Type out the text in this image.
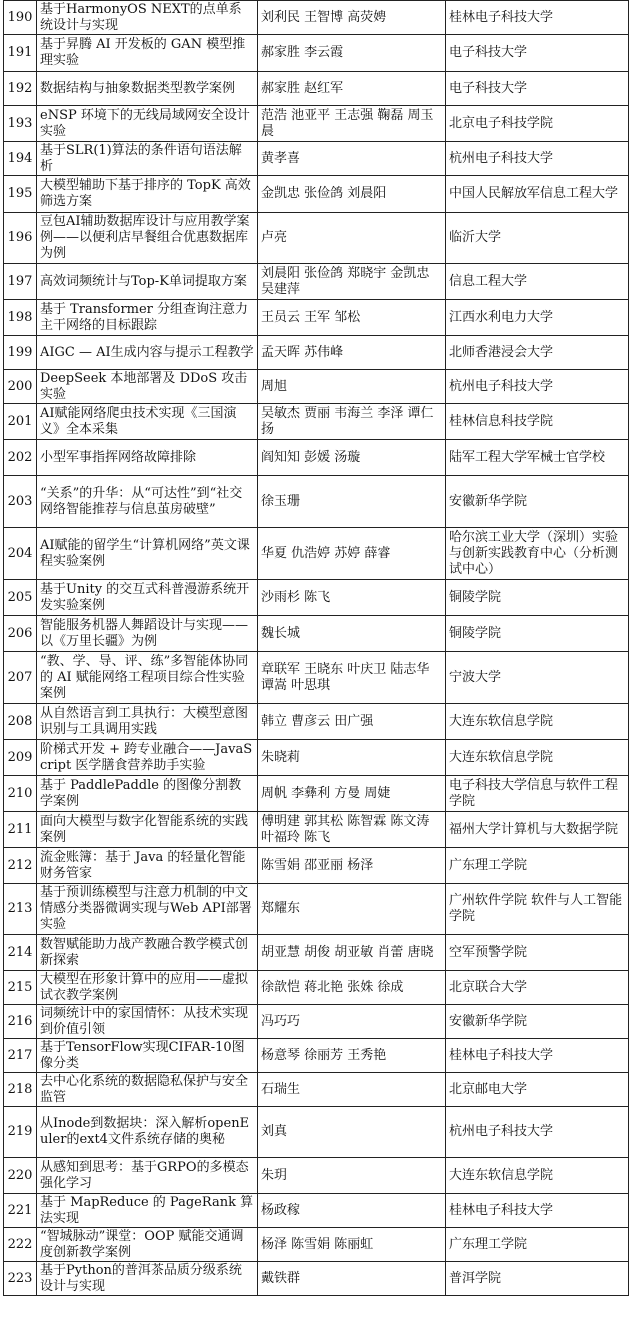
190	基于HarmonyOS NEXT的点单系统设计与实现	刘利民 王智博 高荧娉	桂林电子科技大学
191	基于昇腾 AI 开发板的 GAN 模型推理实验	郝家胜 李云霞	电子科技大学
192	数据结构与抽象数据类型教学案例	郝家胜 赵红军	电子科技大学
193	eNSP 环境下的无线局域网安全设计实验	范浩 池亚平 王志强 鞠磊 周玉晨	北京电子科技学院
194	基于SLR(1)算法的条件语句语法解析	黄孝喜	杭州电子科技大学
195	大模型辅助下基于排序的 TopK 高效 筛选方案	金凯忠 张俭鸽 刘晨阳	中国人民解放军信息工程大学
196	豆包AI辅助数据库设计与应用教学案例——以便利店早餐组合优惠数据库为例	卢亮	临沂大学
197	高效词频统计与Top-K单词提取方案	刘晨阳 张俭鸽 郑晓宇 金凯忠 吴建萍	信息工程大学
198	基于 Transformer 分组查询注意力主干网络的目标跟踪	王员云 王军 邹松	江西水利电力大学
199	AIGC — AI生成内容与提示工程教学	孟天晖 苏伟峰	北师香港浸会大学
200	DeepSeek 本地部署及 DDoS 攻击实验	周旭	杭州电子科技大学
201	AI赋能网络爬虫技术实现《三国演义》全本采集	吴敏杰 贾丽 韦海兰 李泽 谭仁扬	桂林信息科技学院
202	小型军事指挥网络故障排除	阎知知 彭媛 汤璇	陆军工程大学军械士官学校
203	“关系”的升华：从“可达性”到“社交网络智能推荐与信息茧房破壁”	徐玉珊	安徽新华学院
204	AI赋能的留学生“计算机网络”英文课程实验案例	华夏 仇浩婷 苏婷 薛睿	哈尔滨工业大学（深圳）实验与创新实践教育中心（分析测试中心）
205	基于Unity 的交互式科普漫游系统开发实验案例	沙雨杉 陈飞	铜陵学院
206	智能服务机器人舞蹈设计与实现——以《万里长疆》为例	魏长城	铜陵学院
207	“教、学、导、评、练”多智能体协同的 AI 赋能网络工程项目综合性实验案例	章联军 王晓东 叶庆卫 陆志华 谭嵩 叶思琪	宁波大学
208	从自然语言到工具执行：大模型意图识别与工具调用实践	韩立 曹彦云 田广强	大连东软信息学院
209	阶梯式开发 + 跨专业融合——JavaScript 医学膳食营养助手实验	朱晓莉	大连东软信息学院
210	基于 PaddlePaddle 的图像分割教学案例	周帆 李彝利 方曼 周婕	电子科技大学信息与软件工程学院
211	面向大模型与数字化智能系统的实践案例	傅明建 郭其松 陈智霖 陈文涛 叶福玲 陈飞	福州大学计算机与大数据学院
212	流金账簿：基于 Java 的轻量化智能财务管家	陈雪娟 邵亚丽 杨泽	广东理工学院
213	基于预训练模型与注意力机制的中文情感分类器微调实现与Web API部署实验	郑耀东	广州软件学院 软件与人工智能学院
214	数智赋能助力战产教融合教学模式创新探索	胡亚慧 胡俊 胡亚敏 肖蕾 唐晓	空军预警学院
215	大模型在形象计算中的应用——虚拟试衣教学案例	徐歆恺 蒋北艳 张姝 徐成	北京联合大学
216	词频统计中的家国情怀：从技术实现到价值引领	冯巧巧	安徽新华学院
217	基于TensorFlow实现CIFAR-10图像分类	杨意琴 徐丽芳 王秀艳	桂林电子科技大学
218	去中心化系统的数据隐私保护与安全监管	石瑞生	北京邮电大学
219	从Inode到数据块：深入解析openEuler的ext4文件系统存储的奥秘	刘真	杭州电子科技大学
220	从感知到思考：基于GRPO的多模态强化学习	朱玥	大连东软信息学院
221	基于 MapReduce 的 PageRank 算法实现	杨政稼	桂林电子科技大学
222	“智城脉动”课堂：OOP 赋能交通调度创新教学案例	杨泽 陈雪娟 陈丽虹	广东理工学院
223	基于Python的普洱茶品质分级系统设计与实现	戴铁群	普洱学院
